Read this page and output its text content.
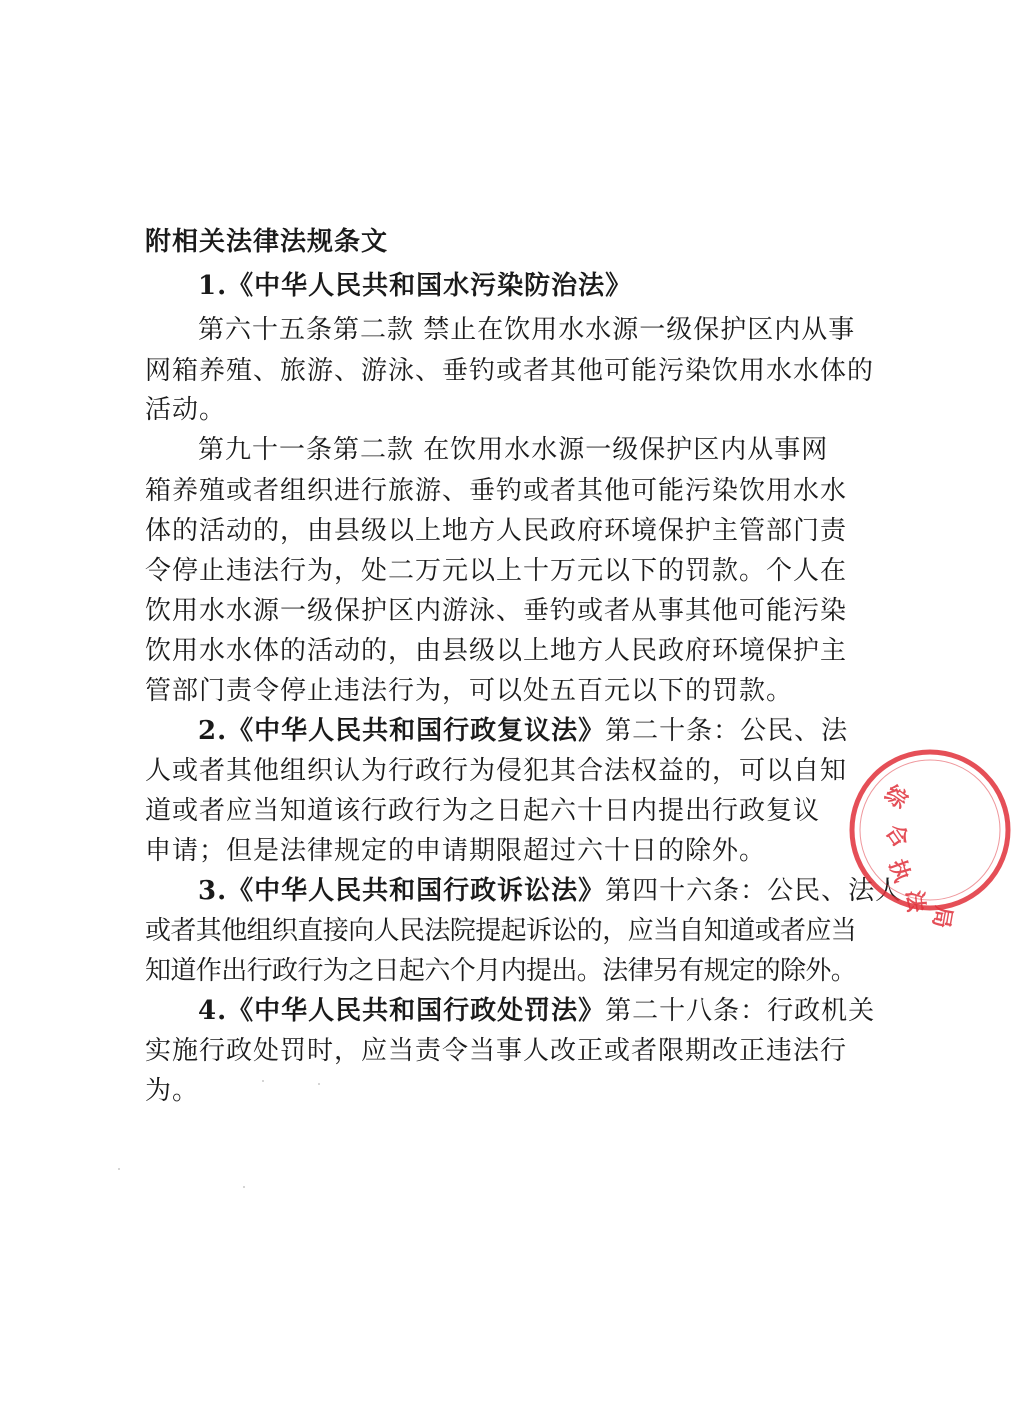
附相关法律法规条文
1.《中华人民共和国水污染防治法》
第六十五条第二款 禁止在饮用水水源一级保护区内从事
网箱养殖、旅游、游泳、垂钓或者其他可能污染饮用水水体的
活动。
第九十一条第二款 在饮用水水源一级保护区内从事网
箱养殖或者组织进行旅游、垂钓或者其他可能污染饮用水水
体的活动的，由县级以上地方人民政府环境保护主管部门责
令停止违法行为，处二万元以上十万元以下的罚款。个人在
饮用水水源一级保护区内游泳、垂钓或者从事其他可能污染
饮用水水体的活动的，由县级以上地方人民政府环境保护主
管部门责令停止违法行为，可以处五百元以下的罚款。
2.《中华人民共和国行政复议法》第二十条：公民、法
人或者其他组织认为行政行为侵犯其合法权益的，可以自知
道或者应当知道该行政行为之日起六十日内提出行政复议
申请；但是法律规定的申请期限超过六十日的除外。
3.《中华人民共和国行政诉讼法》第四十六条：公民、法人
或者其他组织直接向人民法院提起诉讼的，应当自知道或者应当
知道作出行政行为之日起六个月内提出。法律另有规定的除外。
4.《中华人民共和国行政处罚法》第二十八条：行政机关
实施行政处罚时，应当责令当事人改正或者限期改正违法行
为。
综
合
执
法
局
